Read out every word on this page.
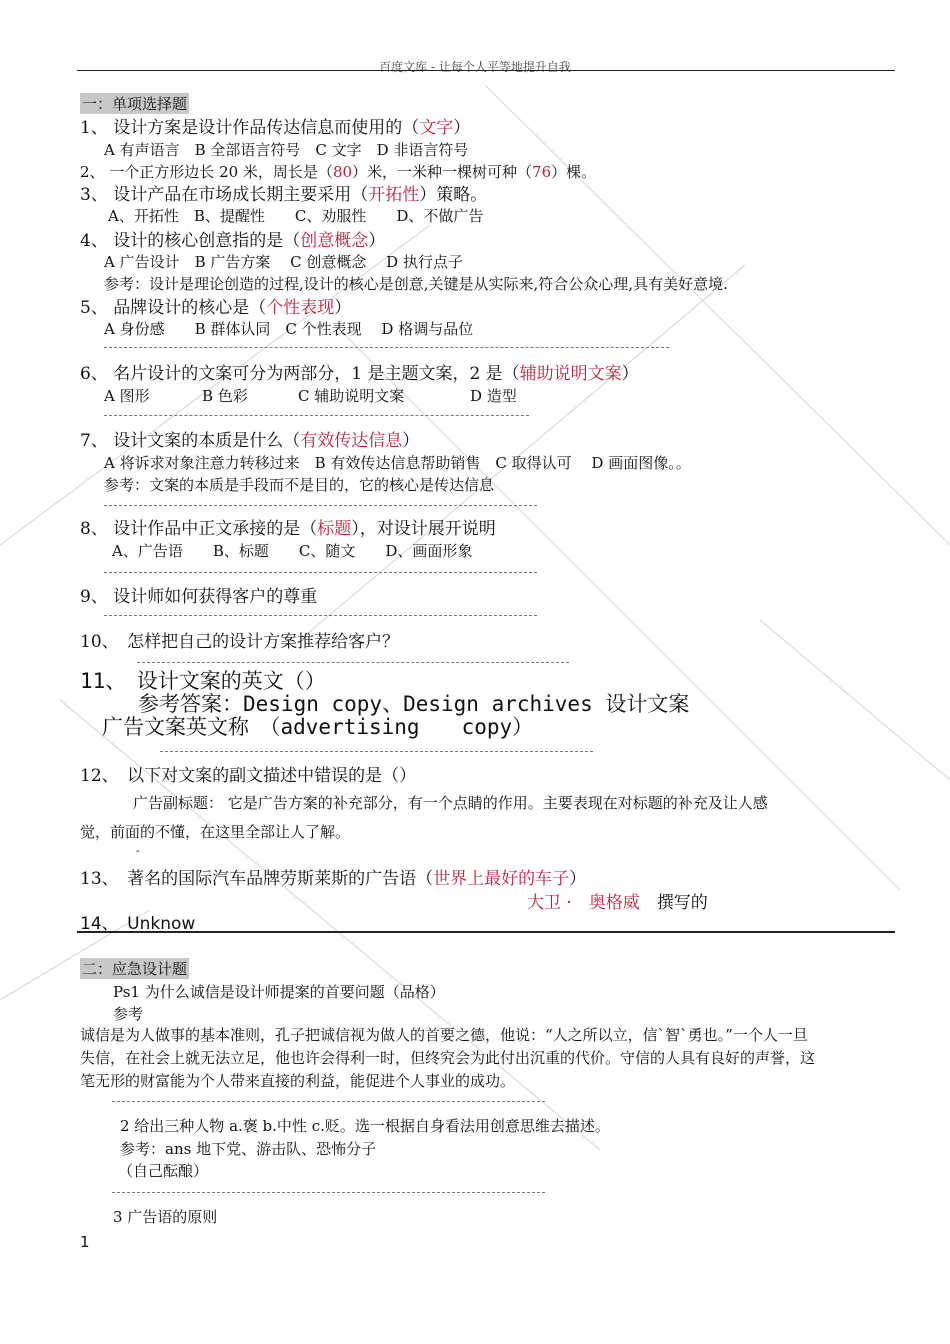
百度文库 - 让每个人平等地提升自我
一：单项选择题
1、 设计方案是设计作品传达信息而使用的（文字）
A 有声语言　B 全部语言符号　C 文字　D 非语言符号
2、 一个正方形边长 20 米，周长是（80）米，一米种一棵树可种（76）棵。
3、 设计产品在市场成长期主要采用（开拓性）策略。
A、开拓性　B、提醒性　　C、劝服性　　D、不做广告
4、 设计的核心创意指的是（创意概念）
A 广告设计　B 广告方案　 C 创意概念　 D 执行点子
参考：设计是理论创造的过程,设计的核心是创意,关键是从实际来,符合公众心理,具有美好意境.
5、 品牌设计的核心是（个性表现）
A 身份感　　B 群体认同　C 个性表现　 D 格调与品位
6、 名片设计的文案可分为两部分，1 是主题文案，2 是（辅助说明文案）
A 图形	B 色彩	C 辅助说明文案	D 造型
7、 设计文案的本质是什么（有效传达信息）
A 将诉求对象注意力转移过来　B 有效传达信息帮助销售　C 取得认可　 D 画面图像。。
参考：文案的本质是手段而不是目的，它的核心是传达信息
8、 设计作品中正文承接的是（标题），对设计展开说明
A、广告语　　B、标题　　C、随文　　D、画面形象
9、 设计师如何获得客户的尊重
10、　怎样把自己的设计方案推荐给客户？
11、　设计文案的英文（）
参考答案：Design copy、Design archives 设计文案
广告文案英文称　（advertising　　copy）
12、　以下对文案的副文描述中错误的是（）
广告副标题： 它是广告方案的补充部分，有一个点睛的作用。主要表现在对标题的补充及让人感
觉，前面的不懂，在这里全部让人了解。
-
13、　著名的国际汽车品牌劳斯莱斯的广告语（世界上最好的车子）
大卫 ·　奥格威　 撰写的
14、　Unknow
二：应急设计题
Ps1 为什么诚信是设计师提案的首要问题（品格）
参考
诚信是为人做事的基本准则，孔子把诚信视为做人的首要之德，他说：“人之所以立，信`智`勇也。”一个人一旦
失信，在社会上就无法立足，他也许会得利一时，但终究会为此付出沉重的代价。守信的人具有良好的声誉，这
笔无形的财富能为个人带来直接的利益，能促进个人事业的成功。
2 给出三种人物 a.褒 b.中性 c.贬。选一根据自身看法用创意思维去描述。
参考：ans 地下党、游击队、恐怖分子
（自己酝酿）
3 广告语的原则
1
